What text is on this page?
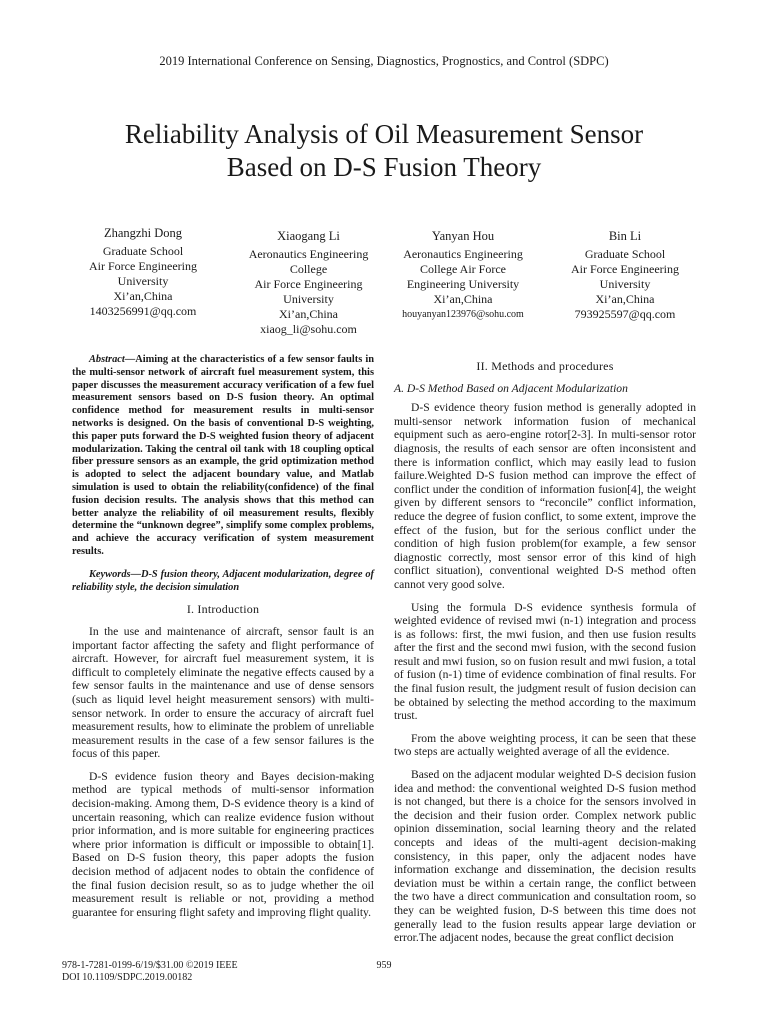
2019 International Conference on Sensing, Diagnostics, Prognostics, and Control (SDPC)
Reliability Analysis of Oil Measurement Sensor
Based on D-S Fusion Theory
Zhangzhi Dong
Graduate School
Air Force Engineering
University
Xi’an,China
1403256991@qq.com
Xiaogang Li
Aeronautics Engineering
College
Air Force Engineering
University
Xi’an,China
xiaog_li@sohu.com
Yanyan Hou
Aeronautics Engineering
College Air Force
Engineering University
Xi’an,China
houyanyan123976@sohu.com
Bin Li
Graduate School
Air Force Engineering
University
Xi’an,China
793925597@qq.com

Abstract—Aiming at the characteristics of a few sensor faults in the multi-sensor network of aircraft fuel measurement system, this paper discusses the measurement accuracy verification of a few fuel measurement sensors based on D-S fusion theory. An optimal confidence method for measurement results in multi-sensor networks is designed. On the basis of conventional D-S weighting, this paper puts forward the D-S weighted fusion theory of adjacent modularization. Taking the central oil tank with 18 coupling optical fiber pressure sensors as an example, the grid optimization method is adopted to select the adjacent boundary value, and Matlab simulation is used to obtain the reliability(confidence) of the final fusion decision results. The analysis shows that this method can better analyze the reliability of oil measurement results, flexibly determine the “unknown degree”, simplify some complex problems, and achieve the accuracy verification of system measurement results.

Keywords—D-S fusion theory, Adjacent modularization, degree of reliability style, the decision simulation

I. Introduction

In the use and maintenance of aircraft, sensor fault is an important factor affecting the safety and flight performance of aircraft. However, for aircraft fuel measurement system, it is difficult to completely eliminate the negative effects caused by a few sensor faults in the maintenance and use of dense sensors (such as liquid level height measurement sensors) with multi-sensor network. In order to ensure the accuracy of aircraft fuel measurement results, how to eliminate the problem of unreliable measurement results in the case of a few sensor failures is the focus of this paper.

D-S evidence fusion theory and Bayes decision-making method are typical methods of multi-sensor information decision-making. Among them, D-S evidence theory is a kind of uncertain reasoning, which can realize evidence fusion without prior information, and is more suitable for engineering practices where prior information is difficult or impossible to obtain[1]. Based on D-S fusion theory, this paper adopts the fusion decision method of adjacent nodes to obtain the confidence of the final fusion decision result, so as to judge whether the oil measurement result is reliable or not, providing a method guarantee for ensuring flight safety and improving flight quality.

II. Methods and procedures
A. D-S Method Based on Adjacent Modularization

D-S evidence theory fusion method is generally adopted in multi-sensor network information fusion of mechanical equipment such as aero-engine rotor[2-3]. In multi-sensor rotor diagnosis, the results of each sensor are often inconsistent and there is information conflict, which may easily lead to fusion failure.Weighted D-S fusion method can improve the effect of conflict under the condition of information fusion[4], the weight given by different sensors to “reconcile” conflict information, reduce the degree of fusion conflict, to some extent, improve the effect of the fusion, but for the serious conflict under the condition of high fusion problem(for example, a few sensor diagnostic correctly, most sensor error of this kind of high conflict situation), conventional weighted D-S method often cannot very good solve.

Using the formula D-S evidence synthesis formula of weighted evidence of revised mwi (n-1) integration and process is as follows: first, the mwi fusion, and then use fusion results after the first and the second mwi fusion, with the second fusion result and mwi fusion, so on fusion result and mwi fusion, a total of fusion (n-1) time of evidence combination of final results. For the final fusion result, the judgment result of fusion decision can be obtained by selecting the method according to the maximum trust.

From the above weighting process, it can be seen that these two steps are actually weighted average of all the evidence.

Based on the adjacent modular weighted D-S decision fusion idea and method: the conventional weighted D-S fusion method is not changed, but there is a choice for the sensors involved in the decision and their fusion order. Complex network public opinion dissemination, social learning theory and the related concepts and ideas of the multi-agent decision-making consistency, in this paper, only the adjacent nodes have information exchange and dissemination, the decision results deviation must be within a certain range, the conflict between the two have a direct communication and consultation room, so they can be weighted fusion, D-S between this time does not generally lead to the fusion results appear large deviation or error.The adjacent nodes, because the great conflict decision

978-1-7281-0199-6/19/$31.00 ©2019 IEEE
DOI 10.1109/SDPC.2019.00182
959
